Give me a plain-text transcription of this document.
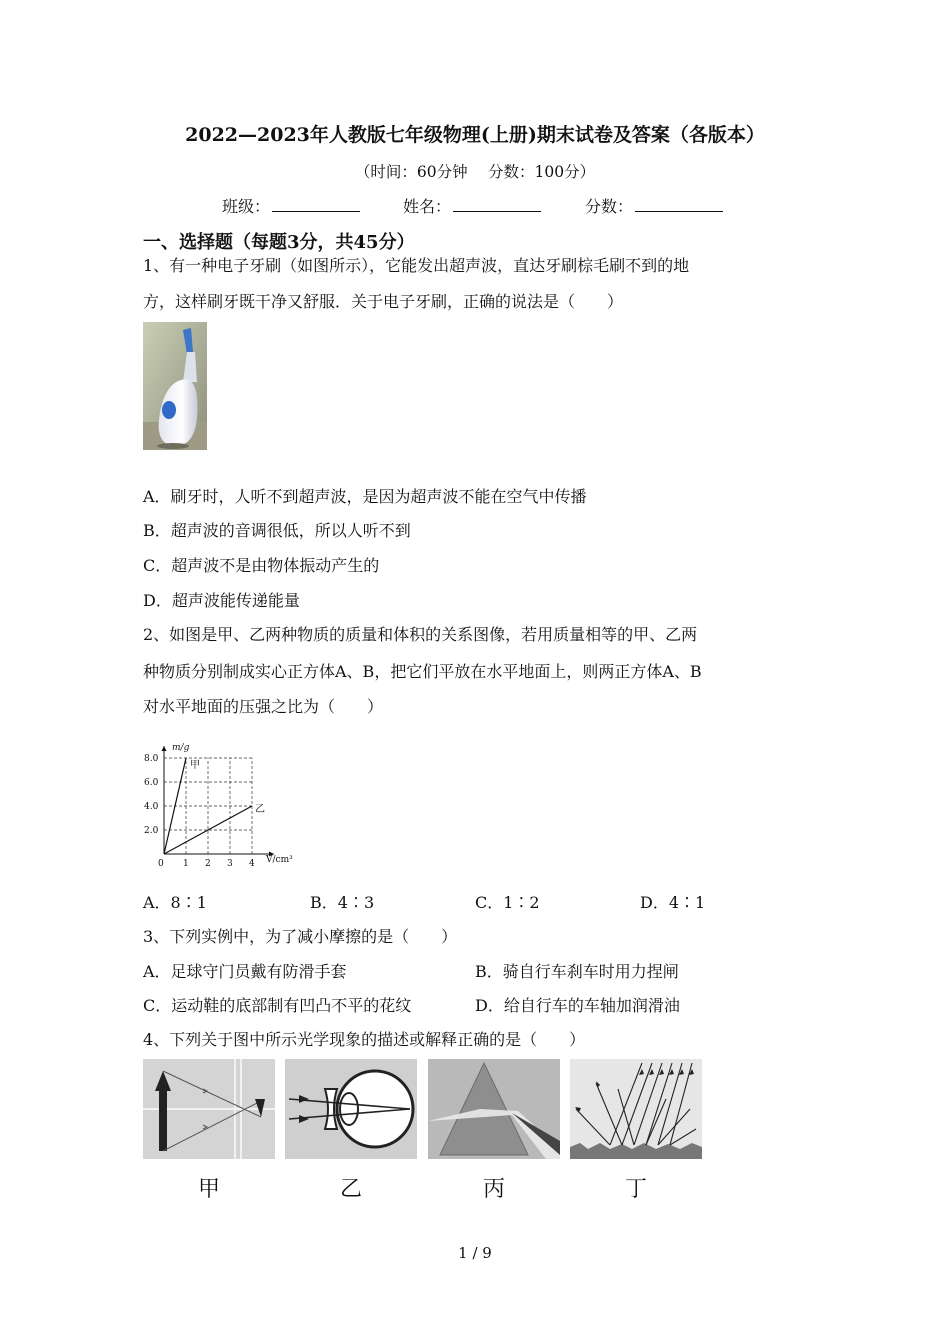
2022—2023年人教版七年级物理(上册)期末试卷及答案（各版本）
（时间：60分钟　 分数：100分）
班级：	姓名：	分数：
一、选择题（每题3分，共45分）
1、有一种电子牙刷（如图所示），它能发出超声波，直达牙刷棕毛刷不到的地
方，这样刷牙既干净又舒服．关于电子牙刷，正确的说法是（　　）
A．刷牙时，人听不到超声波，是因为超声波不能在空气中传播
B．超声波的音调很低，所以人听不到
C．超声波不是由物体振动产生的
D．超声波能传递能量
2、如图是甲、乙两种物质的质量和体积的关系图像，若用质量相等的甲、乙两
种物质分别制成实心正方体A、B，把它们平放在水平地面上，则两正方体A、B
对水平地面的压强之比为（　　）
0 1 2 3 4
2.0
4.0
6.0
8.0
m/g
V/cm³
甲
乙
A．8∶1	B．4∶3	C．1∶2	D．4∶1
3、下列实例中，为了减小摩擦的是（　　）
A．足球守门员戴有防滑手套	B．骑自行车刹车时用力捏闸
C．运动鞋的底部制有凹凸不平的花纹	D．给自行车的车轴加润滑油
4、下列关于图中所示光学现象的描述或解释正确的是（　　）
甲	乙	丙	丁
1 / 9
